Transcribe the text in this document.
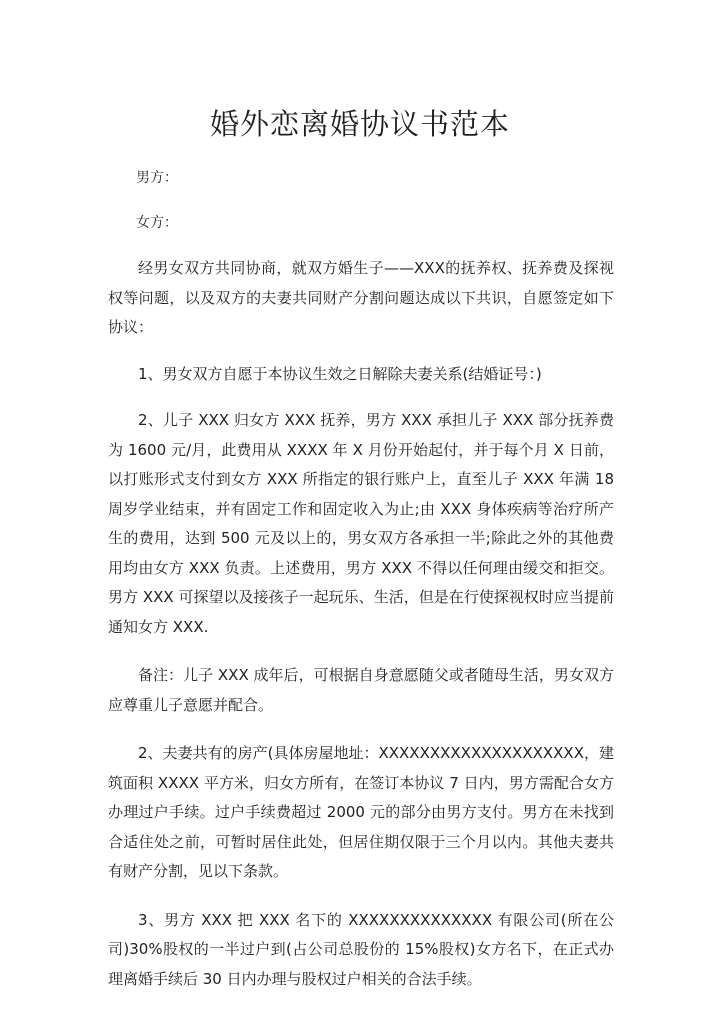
婚外恋离婚协议书范本
男方：
女方：

经男女双方共同协商，就双方婚生子——XXX的抚养权、抚养费及探视权等问题，以及双方的夫妻共同财产分割问题达成以下共识，自愿签定如下协议：

1、男女双方自愿于本协议生效之日解除夫妻关系(结婚证号：)

2、儿子 XXX 归女方 XXX 抚养，男方 XXX 承担儿子 XXX 部分抚养费为 1600 元/月，此费用从 XXXX 年 X 月份开始起付，并于每个月 X 日前，以打账形式支付到女方 XXX 所指定的银行账户上，直至儿子 XXX 年满 18 周岁学业结束，并有固定工作和固定收入为止;由 XXX 身体疾病等治疗所产生的费用，达到 500 元及以上的，男女双方各承担一半;除此之外的其他费用均由女方 XXX 负责。上述费用，男方 XXX 不得以任何理由缓交和拒交。男方 XXX 可探望以及接孩子一起玩乐、生活，但是在行使探视权时应当提前通知女方 XXX.

备注：儿子 XXX 成年后，可根据自身意愿随父或者随母生活，男女双方应尊重儿子意愿并配合。

2、夫妻共有的房产(具体房屋地址：XXXXXXXXXXXXXXXXXXXX，建筑面积 XXXX 平方米，归女方所有，在签订本协议 7 日内，男方需配合女方办理过户手续。过户手续费超过 2000 元的部分由男方支付。男方在未找到合适住处之前，可暂时居住此处，但居住期仅限于三个月以内。其他夫妻共有财产分割，见以下条款。

3、男方 XXX 把 XXX 名下的 XXXXXXXXXXXXXX 有限公司(所在公司)30%股权的一半过户到(占公司总股份的 15%股权)女方名下，在正式办理离婚手续后 30 日内办理与股权过户相关的合法手续。
